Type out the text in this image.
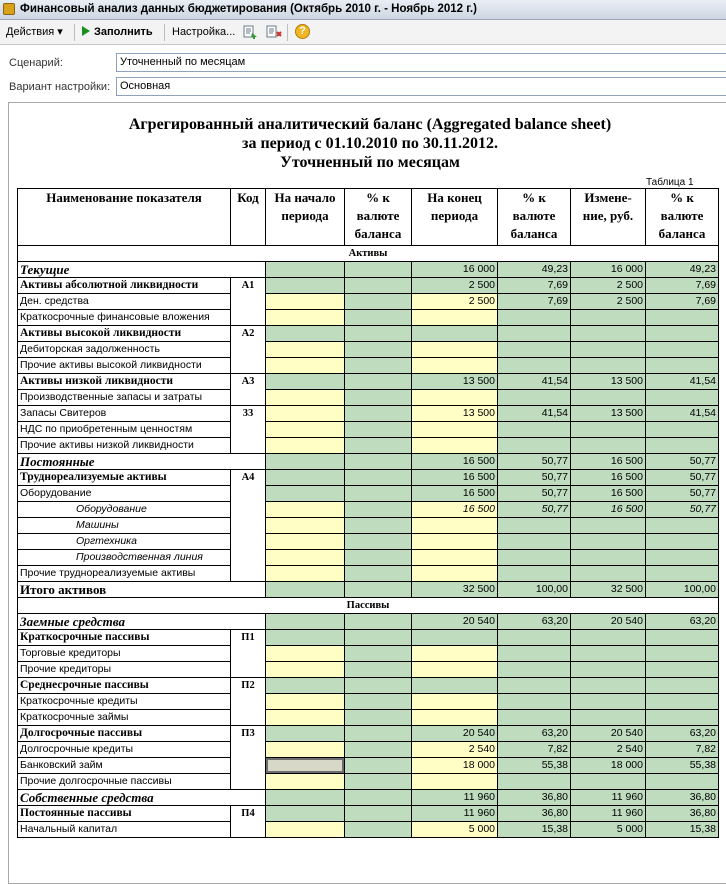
Финансовый анализ данных бюджетирования (Октябрь 2010 г. - Ноябрь 2012 г.)
Действия ▾	Заполнить Настройка...	?
Сценарий:	Уточненный по месяцам
Вариант настройки: Основная
Агрегированный аналитический баланс (Aggregated balance sheet)
за период с 01.10.2010 по 30.11.2012.
Уточненный по месяцам
Таблица 1
Наименование показателя	Код	На начало периода	% к валюте баланса	На конец периода	% к валюте баланса	Измене-ние, руб.	% к валюте баланса
Активы							
Текущие				16 000	49,23	16 000	49,23
Активы абсолютной ликвидности	А1			2 500	7,69	2 500	7,69
Ден. средства				2 500	7,69	2 500	7,69
Краткосрочные финансовые вложения							
Активы высокой ликвидности	А2						
Дебиторская задолженность							
Прочие активы высокой ликвидности							
Активы низкой ликвидности	А3			13 500	41,54	13 500	41,54
Производственные запасы и затраты							
Запасы Свитеров	33			13 500	41,54	13 500	41,54
НДС по приобретенным ценностям							
Прочие активы низкой ликвидности							
Постоянные				16 500	50,77	16 500	50,77
Труднореализуемые активы	А4			16 500	50,77	16 500	50,77
Оборудование				16 500	50,77	16 500	50,77
Оборудование				16 500	50,77	16 500	50,77
Машины							
Оргтехника							
Производственная линия							
Прочие труднореализуемые активы							
Итого активов				32 500	100,00	32 500	100,00
Пассивы							
Заемные средства				20 540	63,20	20 540	63,20
Краткосрочные пассивы	П1						
Торговые кредиторы							
Прочие кредиторы							
Среднесрочные пассивы	П2						
Краткосрочные кредиты							
Краткосрочные займы							
Долгосрочные пассивы	П3			20 540	63,20	20 540	63,20
Долгосрочные кредиты				2 540	7,82	2 540	7,82
Банковский займ				18 000	55,38	18 000	55,38
Прочие долгосрочные пассивы							
Собственные средства				11 960	36,80	11 960	36,80
Постоянные пассивы	П4			11 960	36,80	11 960	36,80
Начальный капитал				5 000	15,38	5 000	15,38
